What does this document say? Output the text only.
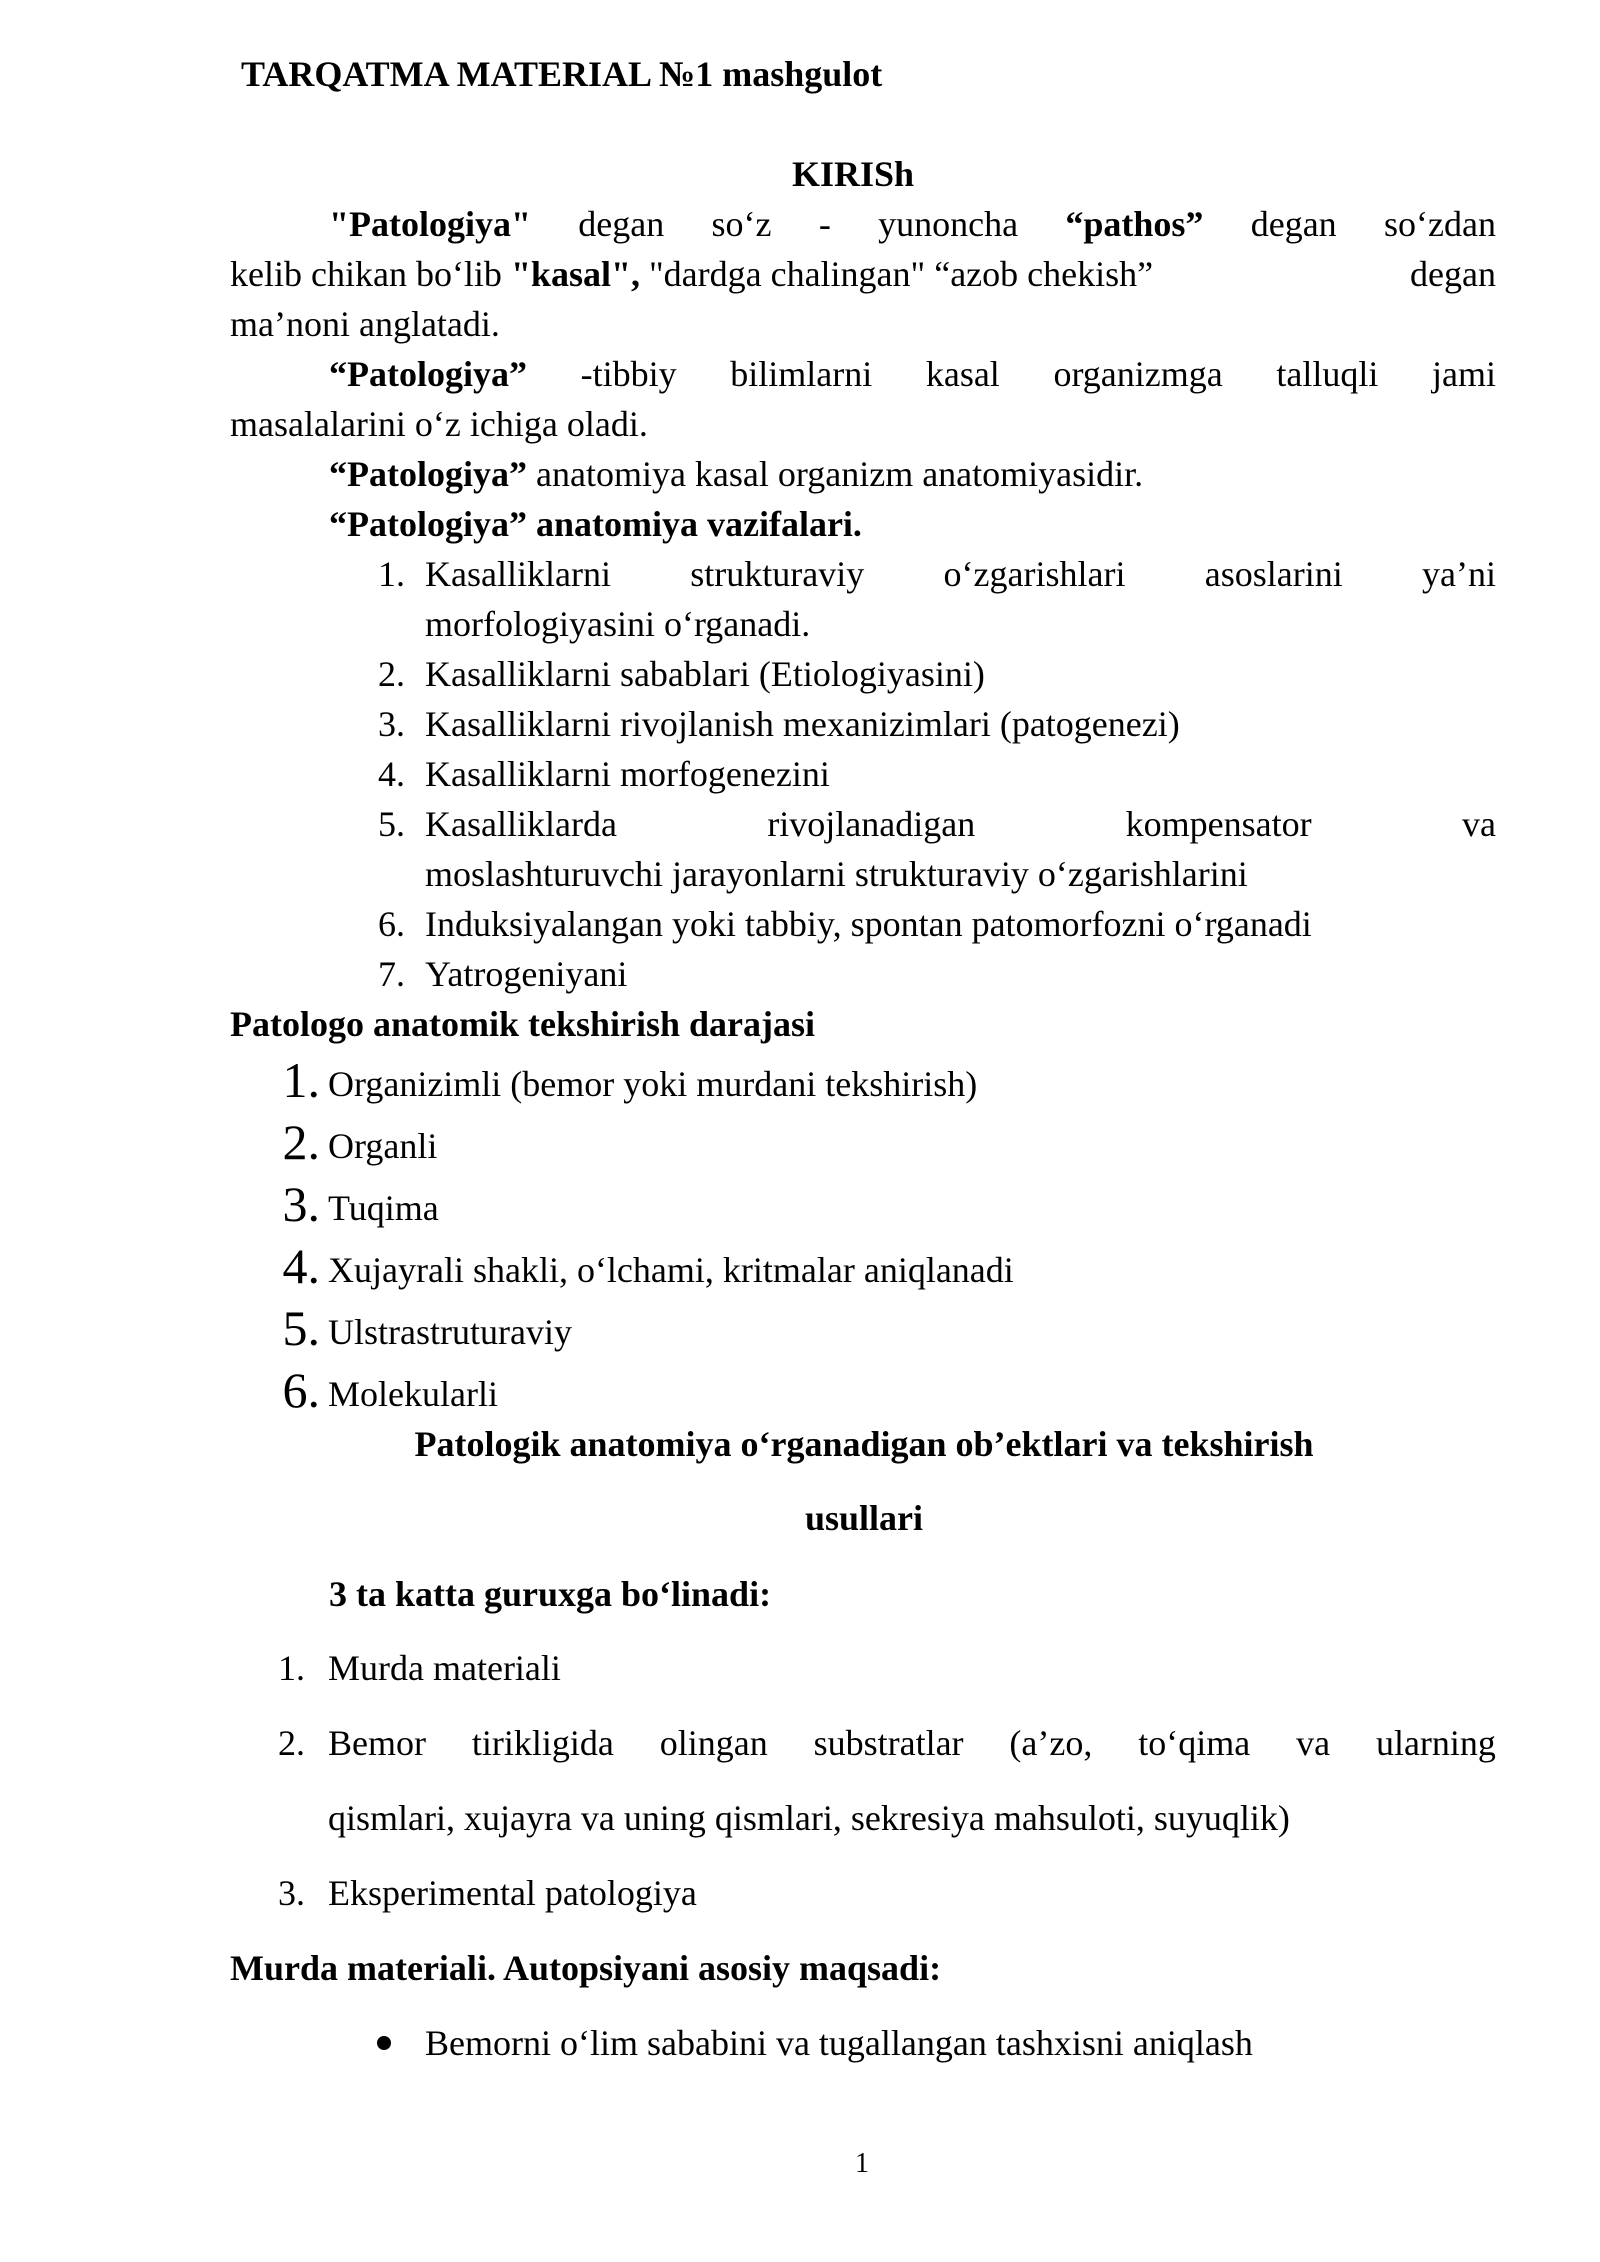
TARQATMA MATERIAL №1 mashgulot
KIRISh
"Patologiya" degan so‘z - yunoncha “pathos” degan so‘zdan
kelib chikan bo‘lib "kasal", "dardga chalingan" “azob chekish”	degan
ma’noni anglatadi.
“Patologiya” -tibbiy bilimlarni kasal organizmga talluqli jami
masalalarini o‘z ichiga oladi.
“Patologiya” anatomiya kasal organizm anatomiyasidir.
“Patologiya” anatomiya vazifalari.
1. Kasalliklarni strukturaviy o‘zgarishlari asoslarini ya’ni
morfologiyasini o‘rganadi.
2. Kasalliklarni sabablari (Etiologiyasini)
3. Kasalliklarni rivojlanish mexanizimlari (patogenezi)
4. Kasalliklarni morfogenezini
5. Kasalliklarda	rivojlanadigan	kompensator	va
moslashturuvchi jarayonlarni strukturaviy o‘zgarishlarini
6. Induksiyalangan yoki tabbiy, spontan patomorfozni o‘rganadi
7. Yatrogeniyani
Patologo anatomik tekshirish darajasi
1. Organizimli (bemor yoki murdani tekshirish)
2. Organli
3. Tuqima
4. Xujayrali shakli, o‘lchami, kritmalar aniqlanadi
5. Ulstrastruturaviy
6. Molekularli
Patologik anatomiya o‘rganadigan ob’ektlari va tekshirish
usullari
3 ta katta guruxga bo‘linadi:
1. Murda materiali
2. Bemor tirikligida olingan substratlar (a’zo, to‘qima va ularning
qismlari, xujayra va uning qismlari, sekresiya mahsuloti, suyuqlik)
3. Eksperimental patologiya
Murda materiali. Autopsiyani asosiy maqsadi:
Bemorni o‘lim sababini va tugallangan tashxisni aniqlash
1
